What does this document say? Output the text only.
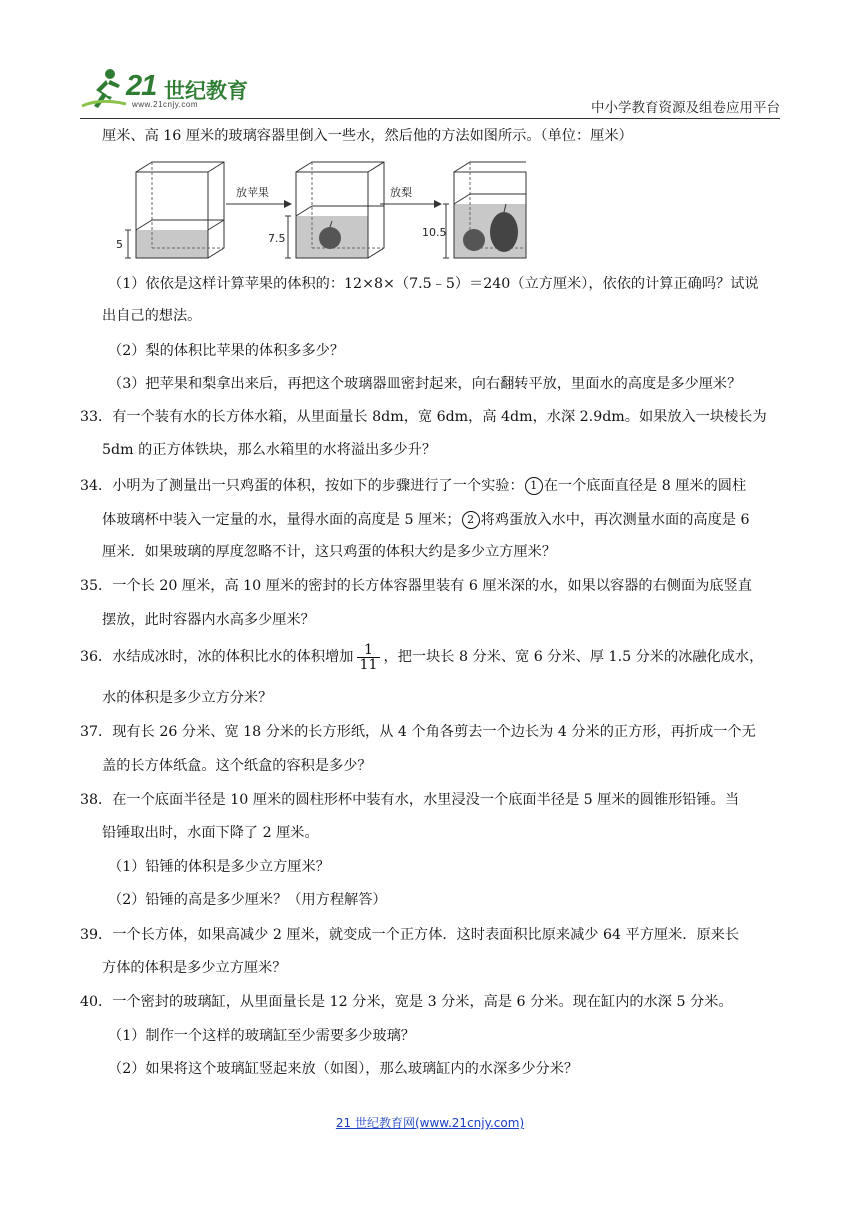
21 世纪教育
www.21cnjy.com	中小学教育资源及组卷应用平台
厘米、高 16 厘米的玻璃容器里倒入一些水，然后他的方法如图所示。（单位：厘米）
5
放苹果
7.5
放梨
10.5
（1）依依是这样计算苹果的体积的：12×8×（7.5﹣5）＝240（立方厘米），依依的计算正确吗？试说
出自己的想法。
（2）梨的体积比苹果的体积多多少？
（3）把苹果和梨拿出来后，再把这个玻璃器皿密封起来，向右翻转平放，里面水的高度是多少厘米？
33．有一个装有水的长方体水箱，从里面量长 8dm，宽 6dm，高 4dm，水深 2.9dm。如果放入一块棱长为
5dm 的正方体铁块，那么水箱里的水将溢出多少升？
34．小明为了测量出一只鸡蛋的体积，按如下的步骤进行了一个实验： 1 在一个底面直径是 8 厘米的圆柱
体玻璃杯中装入一定量的水，量得水面的高度是 5 厘米； 2 将鸡蛋放入水中，再次测量水面的高度是 6
厘米．如果玻璃的厚度忽略不计，这只鸡蛋的体积大约是多少立方厘米？
35．一个长 20 厘米，高 10 厘米的密封的长方体容器里装有 6 厘米深的水，如果以容器的右侧面为底竖直
摆放，此时容器内水高多少厘米？
36．水结成冰时，冰的体积比水的体积增加 $\frac{1}{11}$ ，把一块长 8 分米、宽 6 分米、厚 1.5 分米的冰融化成水，
水的体积是多少立方分米？
37．现有长 26 分米、宽 18 分米的长方形纸，从 4 个角各剪去一个边长为 4 分米的正方形，再折成一个无
盖的长方体纸盒。这个纸盒的容积是多少？
38．在一个底面半径是 10 厘米的圆柱形杯中装有水，水里浸没一个底面半径是 5 厘米的圆锥形铅锤。当
铅锤取出时，水面下降了 2 厘米。
（1）铅锤的体积是多少立方厘米？
（2）铅锤的高是多少厘米？（用方程解答）
39．一个长方体，如果高减少 2 厘米，就变成一个正方体．这时表面积比原来减少 64 平方厘米．原来长
方体的体积是多少立方厘米？
40．一个密封的玻璃缸，从里面量长是 12 分米，宽是 3 分米，高是 6 分米。现在缸内的水深 5 分米。
（1）制作一个这样的玻璃缸至少需要多少玻璃？
（2）如果将这个玻璃缸竖起来放（如图），那么玻璃缸内的水深多少分米？
21 世纪教育网(www.21cnjy.com)
